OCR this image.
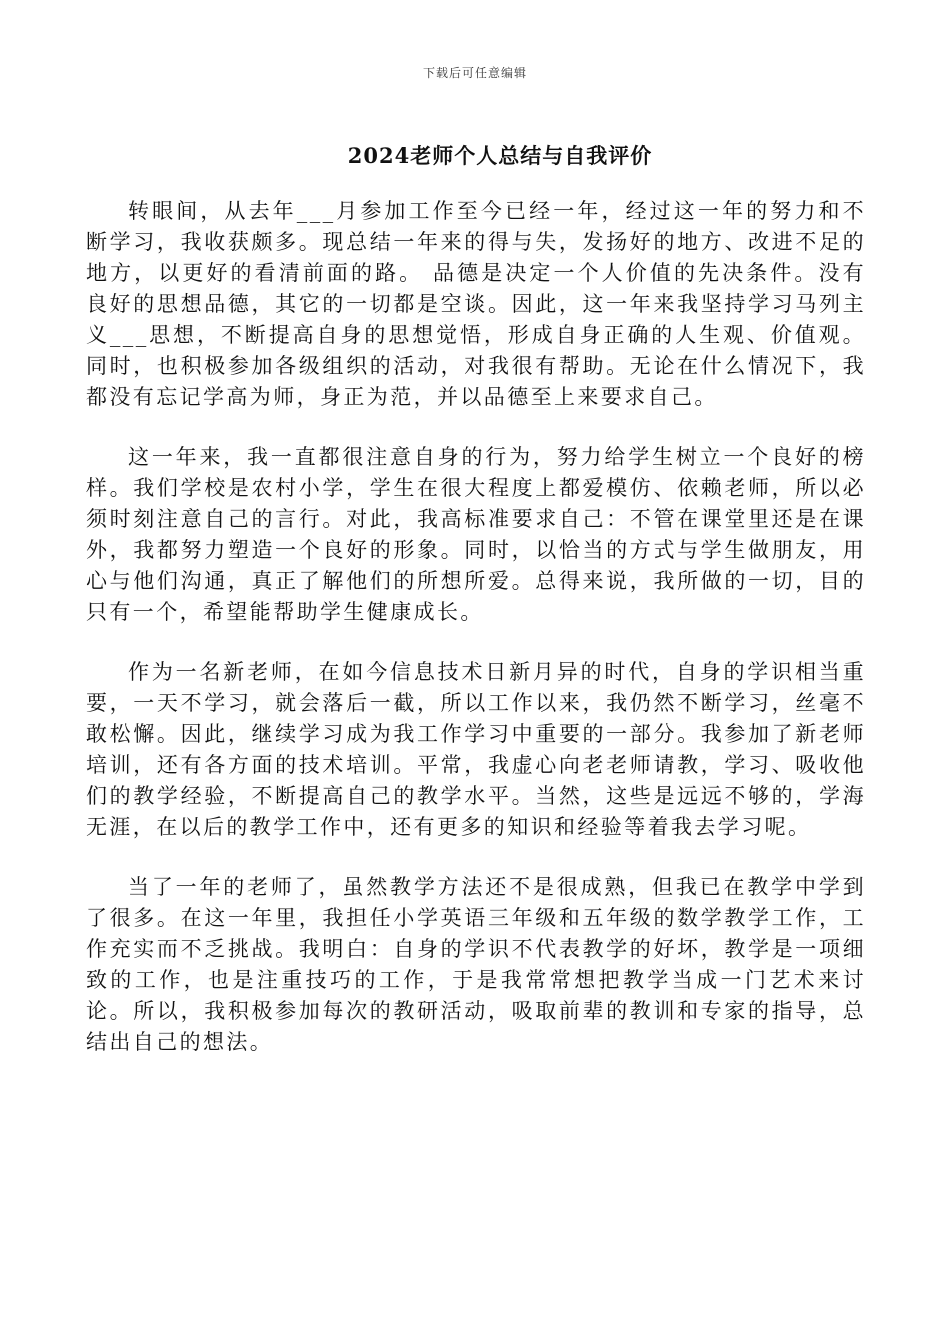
下载后可任意编辑
2024老师个人总结与自我评价

转眼间，从去年___月参加工作至今已经一年，经过这一年的努力和不断学习，我收获颇多。现总结一年来的得与失，发扬好的地方、改进不足的地方，以更好的看清前面的路。 品德是决定一个人价值的先决条件。没有良好的思想品德，其它的一切都是空谈。因此，这一年来我坚持学习马列主义___思想，不断提高自身的思想觉悟，形成自身正确的人生观、价值观。同时，也积极参加各级组织的活动，对我很有帮助。无论在什么情况下，我都没有忘记学高为师，身正为范，并以品德至上来要求自己。

这一年来，我一直都很注意自身的行为，努力给学生树立一个良好的榜样。我们学校是农村小学，学生在很大程度上都爱模仿、依赖老师，所以必须时刻注意自己的言行。对此，我高标准要求自己：不管在课堂里还是在课外，我都努力塑造一个良好的形象。同时，以恰当的方式与学生做朋友，用心与他们沟通，真正了解他们的所想所爱。总得来说，我所做的一切，目的只有一个，希望能帮助学生健康成长。

作为一名新老师，在如今信息技术日新月异的时代，自身的学识相当重要，一天不学习，就会落后一截，所以工作以来，我仍然不断学习，丝毫不敢松懈。因此，继续学习成为我工作学习中重要的一部分。我参加了新老师培训，还有各方面的技术培训。平常，我虚心向老老师请教，学习、吸收他们的教学经验，不断提高自己的教学水平。当然，这些是远远不够的，学海无涯，在以后的教学工作中，还有更多的知识和经验等着我去学习呢。

当了一年的老师了，虽然教学方法还不是很成熟，但我已在教学中学到了很多。在这一年里，我担任小学英语三年级和五年级的数学教学工作，工作充实而不乏挑战。我明白：自身的学识不代表教学的好坏，教学是一项细致的工作，也是注重技巧的工作，于是我常常想把教学当成一门艺术来讨论。所以，我积极参加每次的教研活动，吸取前辈的教训和专家的指导，总结出自己的想法。
